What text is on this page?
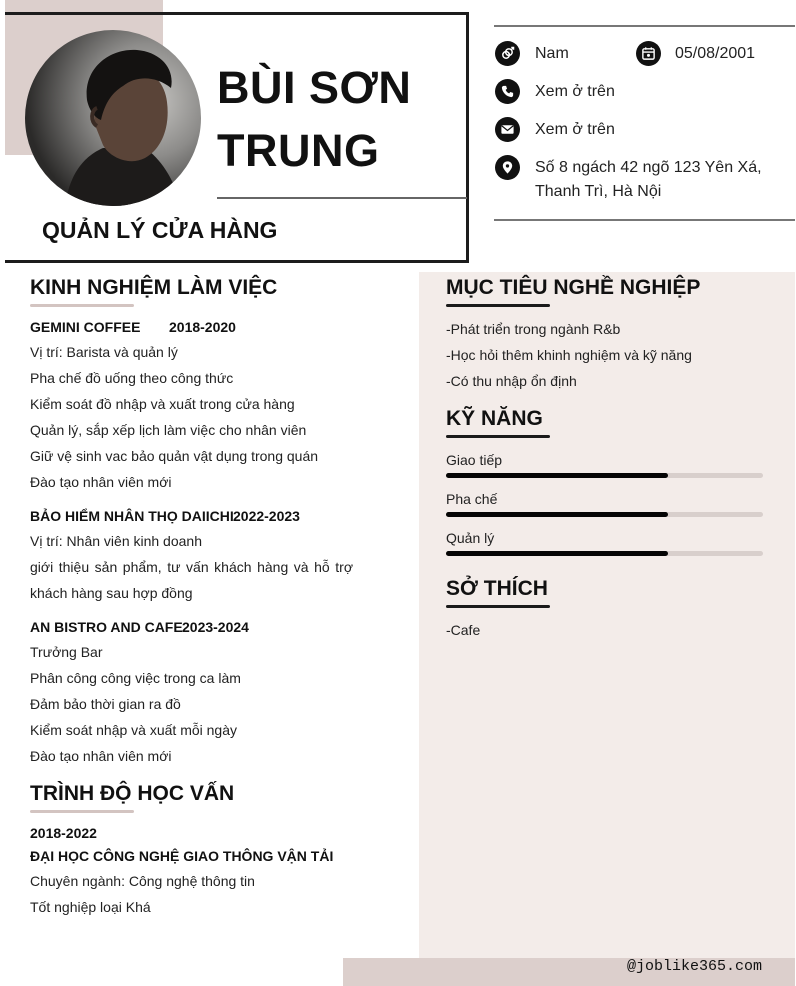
BÙI SƠN
TRUNG
QUẢN LÝ CỬA HÀNG
Nam	05/08/2001
Xem ở trên
Xem ở trên
Số 8 ngách 42 ngõ 123 Yên Xá,
Thanh Trì, Hà Nội
@joblike365.com
KINH NGHIỆM LÀM VIỆC
GEMINI COFFEE 2018-2020
Vị trí: Barista và quản lý
Pha chế đồ uống theo công thức
Kiểm soát đồ nhập và xuất trong cửa hàng
Quản lý, sắp xếp lịch làm việc cho nhân viên
Giữ vệ sinh vac bảo quản vật dụng trong quán
Đào tạo nhân viên mới
BẢO HIỂM NHÂN THỌ DAIICHI 2022-2023
Vị trí: Nhân viên kinh doanh
giới thiệu sản phẩm, tư vấn khách hàng và hỗ trợ
khách hàng sau hợp đồng
AN BISTRO AND CAFE 2023-2024
Trưởng Bar
Phân công công việc trong ca làm
Đảm bảo thời gian ra đồ
Kiểm soát nhập và xuất mỗi ngày
Đào tạo nhân viên mới
TRÌNH ĐỘ HỌC VẤN
2018-2022
ĐẠI HỌC CÔNG NGHỆ GIAO THÔNG VẬN TẢI
Chuyên ngành: Công nghệ thông tin
Tốt nghiệp loại Khá
MỤC TIÊU NGHỀ NGHIỆP
-Phát triển trong ngành R&b
-Học hỏi thêm khinh nghiệm và kỹ năng
-Có thu nhập ổn định
KỸ NĂNG
Giao tiếp
Pha chế
Quản lý
SỞ THÍCH
-Cafe
